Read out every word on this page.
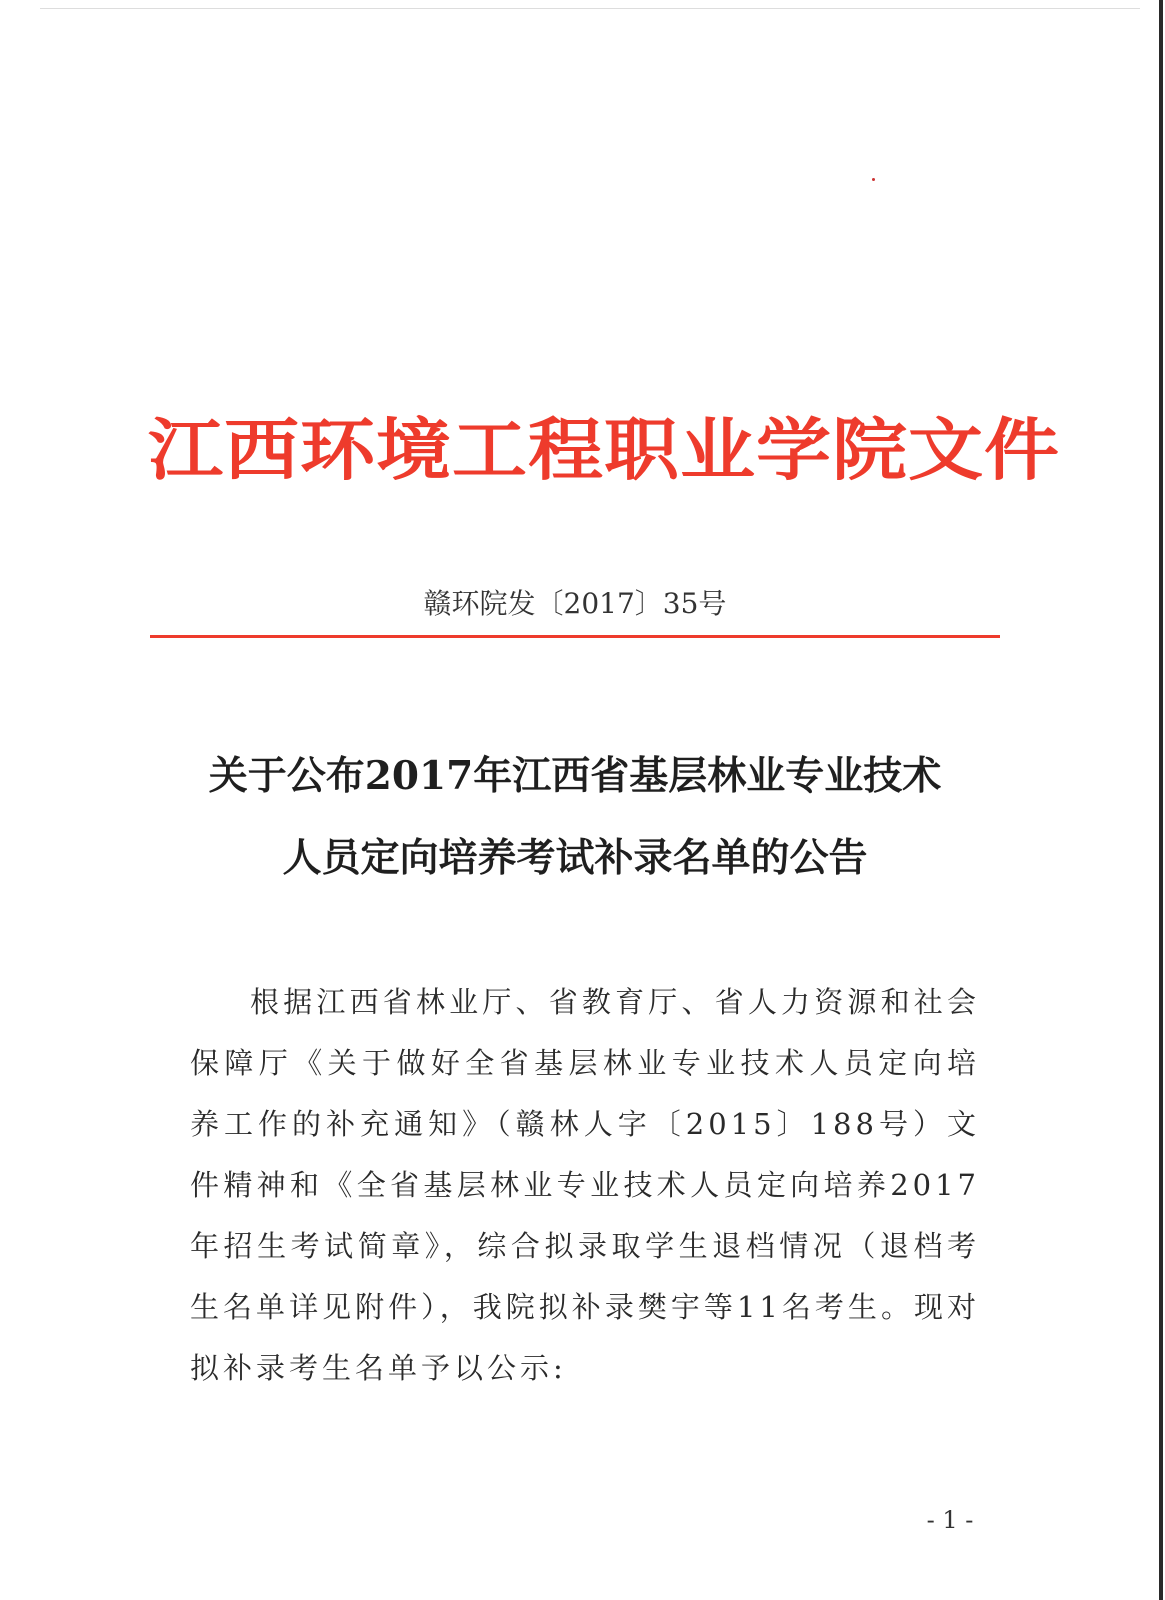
江西环境工程职业学院文件

赣环院发〔2017〕35号

关于公布2017年江西省基层林业专业技术
人员定向培养考试补录名单的公告

根据江西省林业厅、省教育厅、省人力资源和社会保障厅《关于做好全省基层林业专业技术人员定向培养工作的补充通知》（赣林人字〔2015〕188号）文件精神和《全省基层林业专业技术人员定向培养2017年招生考试简章》，综合拟录取学生退档情况（退档考生名单详见附件），我院拟补录樊宇等11名考生。现对拟补录考生名单予以公示:

- 1 -
